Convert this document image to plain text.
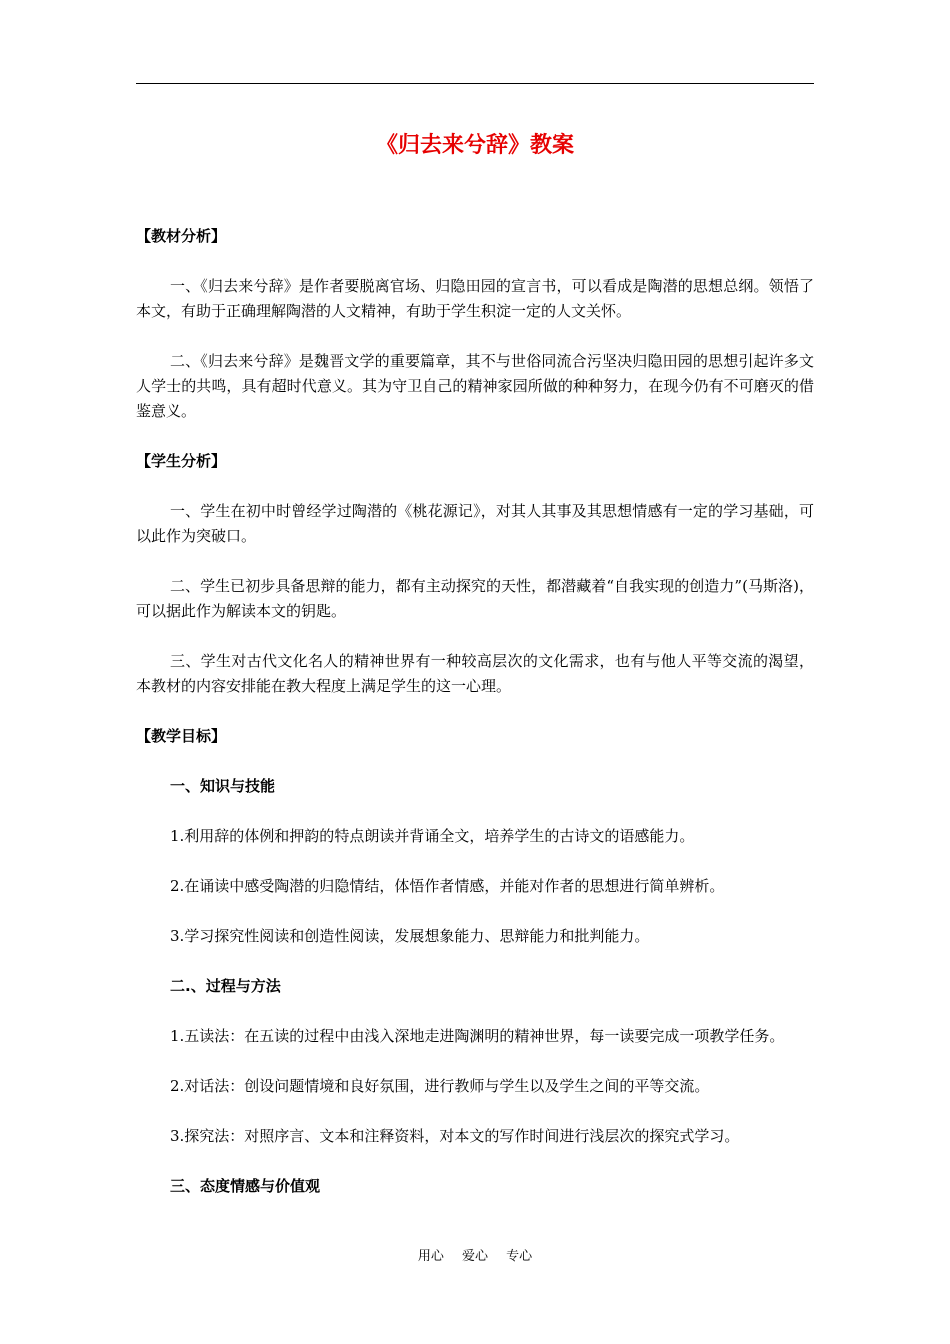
《归去来兮辞》教案

【教材分析】

一、《归去来兮辞》是作者要脱离官场、归隐田园的宣言书，可以看成是陶潜的思想总纲。领悟了本文，有助于正确理解陶潜的人文精神，有助于学生积淀一定的人文关怀。

二、《归去来兮辞》是魏晋文学的重要篇章，其不与世俗同流合污坚决归隐田园的思想引起许多文人学士的共鸣，具有超时代意义。其为守卫自己的精神家园所做的种种努力，在现今仍有不可磨灭的借鉴意义。

【学生分析】

一、学生在初中时曾经学过陶潜的《桃花源记》，对其人其事及其思想情感有一定的学习基础，可以此作为突破口。

二、学生已初步具备思辩的能力，都有主动探究的天性，都潜藏着“自我实现的创造力”(马斯洛)，可以据此作为解读本文的钥匙。

三、学生对古代文化名人的精神世界有一种较高层次的文化需求，也有与他人平等交流的渴望，本教材的内容安排能在教大程度上满足学生的这一心理。

【教学目标】

一、知识与技能

1.利用辞的体例和押韵的特点朗读并背诵全文，培养学生的古诗文的语感能力。

2.在诵读中感受陶潜的归隐情结，体悟作者情感，并能对作者的思想进行简单辨析。

3.学习探究性阅读和创造性阅读，发展想象能力、思辩能力和批判能力。

二.、过程与方法

1.五读法：在五读的过程中由浅入深地走进陶渊明的精神世界，每一读要完成一项教学任务。

2.对话法：创设问题情境和良好氛围，进行教师与学生以及学生之间的平等交流。

3.探究法：对照序言、文本和注释资料，对本文的写作时间进行浅层次的探究式学习。

三、态度情感与价值观

用心 爱心 专心
